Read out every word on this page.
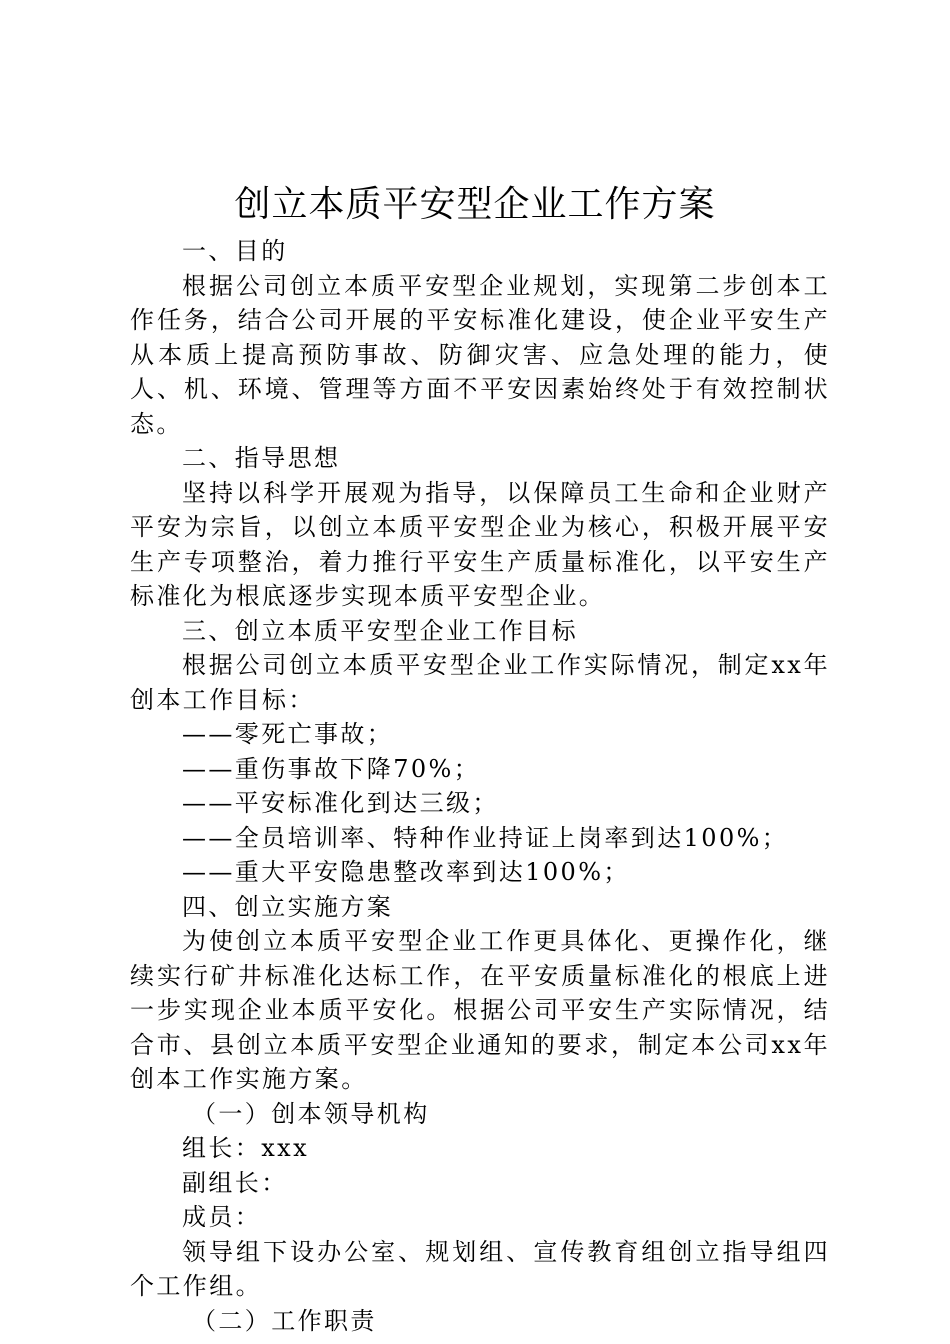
创立本质平安型企业工作方案

一、目的

根据公司创立本质平安型企业规划，实现第二步创本工作任务，结合公司开展的平安标准化建设，使企业平安生产从本质上提高预防事故、防御灾害、应急处理的能力，使人、机、环境、管理等方面不平安因素始终处于有效控制状态。

二、指导思想

坚持以科学开展观为指导，以保障员工生命和企业财产平安为宗旨，以创立本质平安型企业为核心，积极开展平安生产专项整治，着力推行平安生产质量标准化，以平安生产标准化为根底逐步实现本质平安型企业。

三、创立本质平安型企业工作目标

根据公司创立本质平安型企业工作实际情况，制定xx年创本工作目标：

——零死亡事故；

——重伤事故下降70%；

——平安标准化到达三级；

——全员培训率、特种作业持证上岗率到达100%；

——重大平安隐患整改率到达100%；

四、创立实施方案

为使创立本质平安型企业工作更具体化、更操作化，继续实行矿井标准化达标工作，在平安质量标准化的根底上进一步实现企业本质平安化。根据公司平安生产实际情况，结合市、县创立本质平安型企业通知的要求，制定本公司xx年创本工作实施方案。

（一）创本领导机构

组长：xxx

副组长：

成员：

领导组下设办公室、规划组、宣传教育组创立指导组四个工作组。

（二）工作职责
